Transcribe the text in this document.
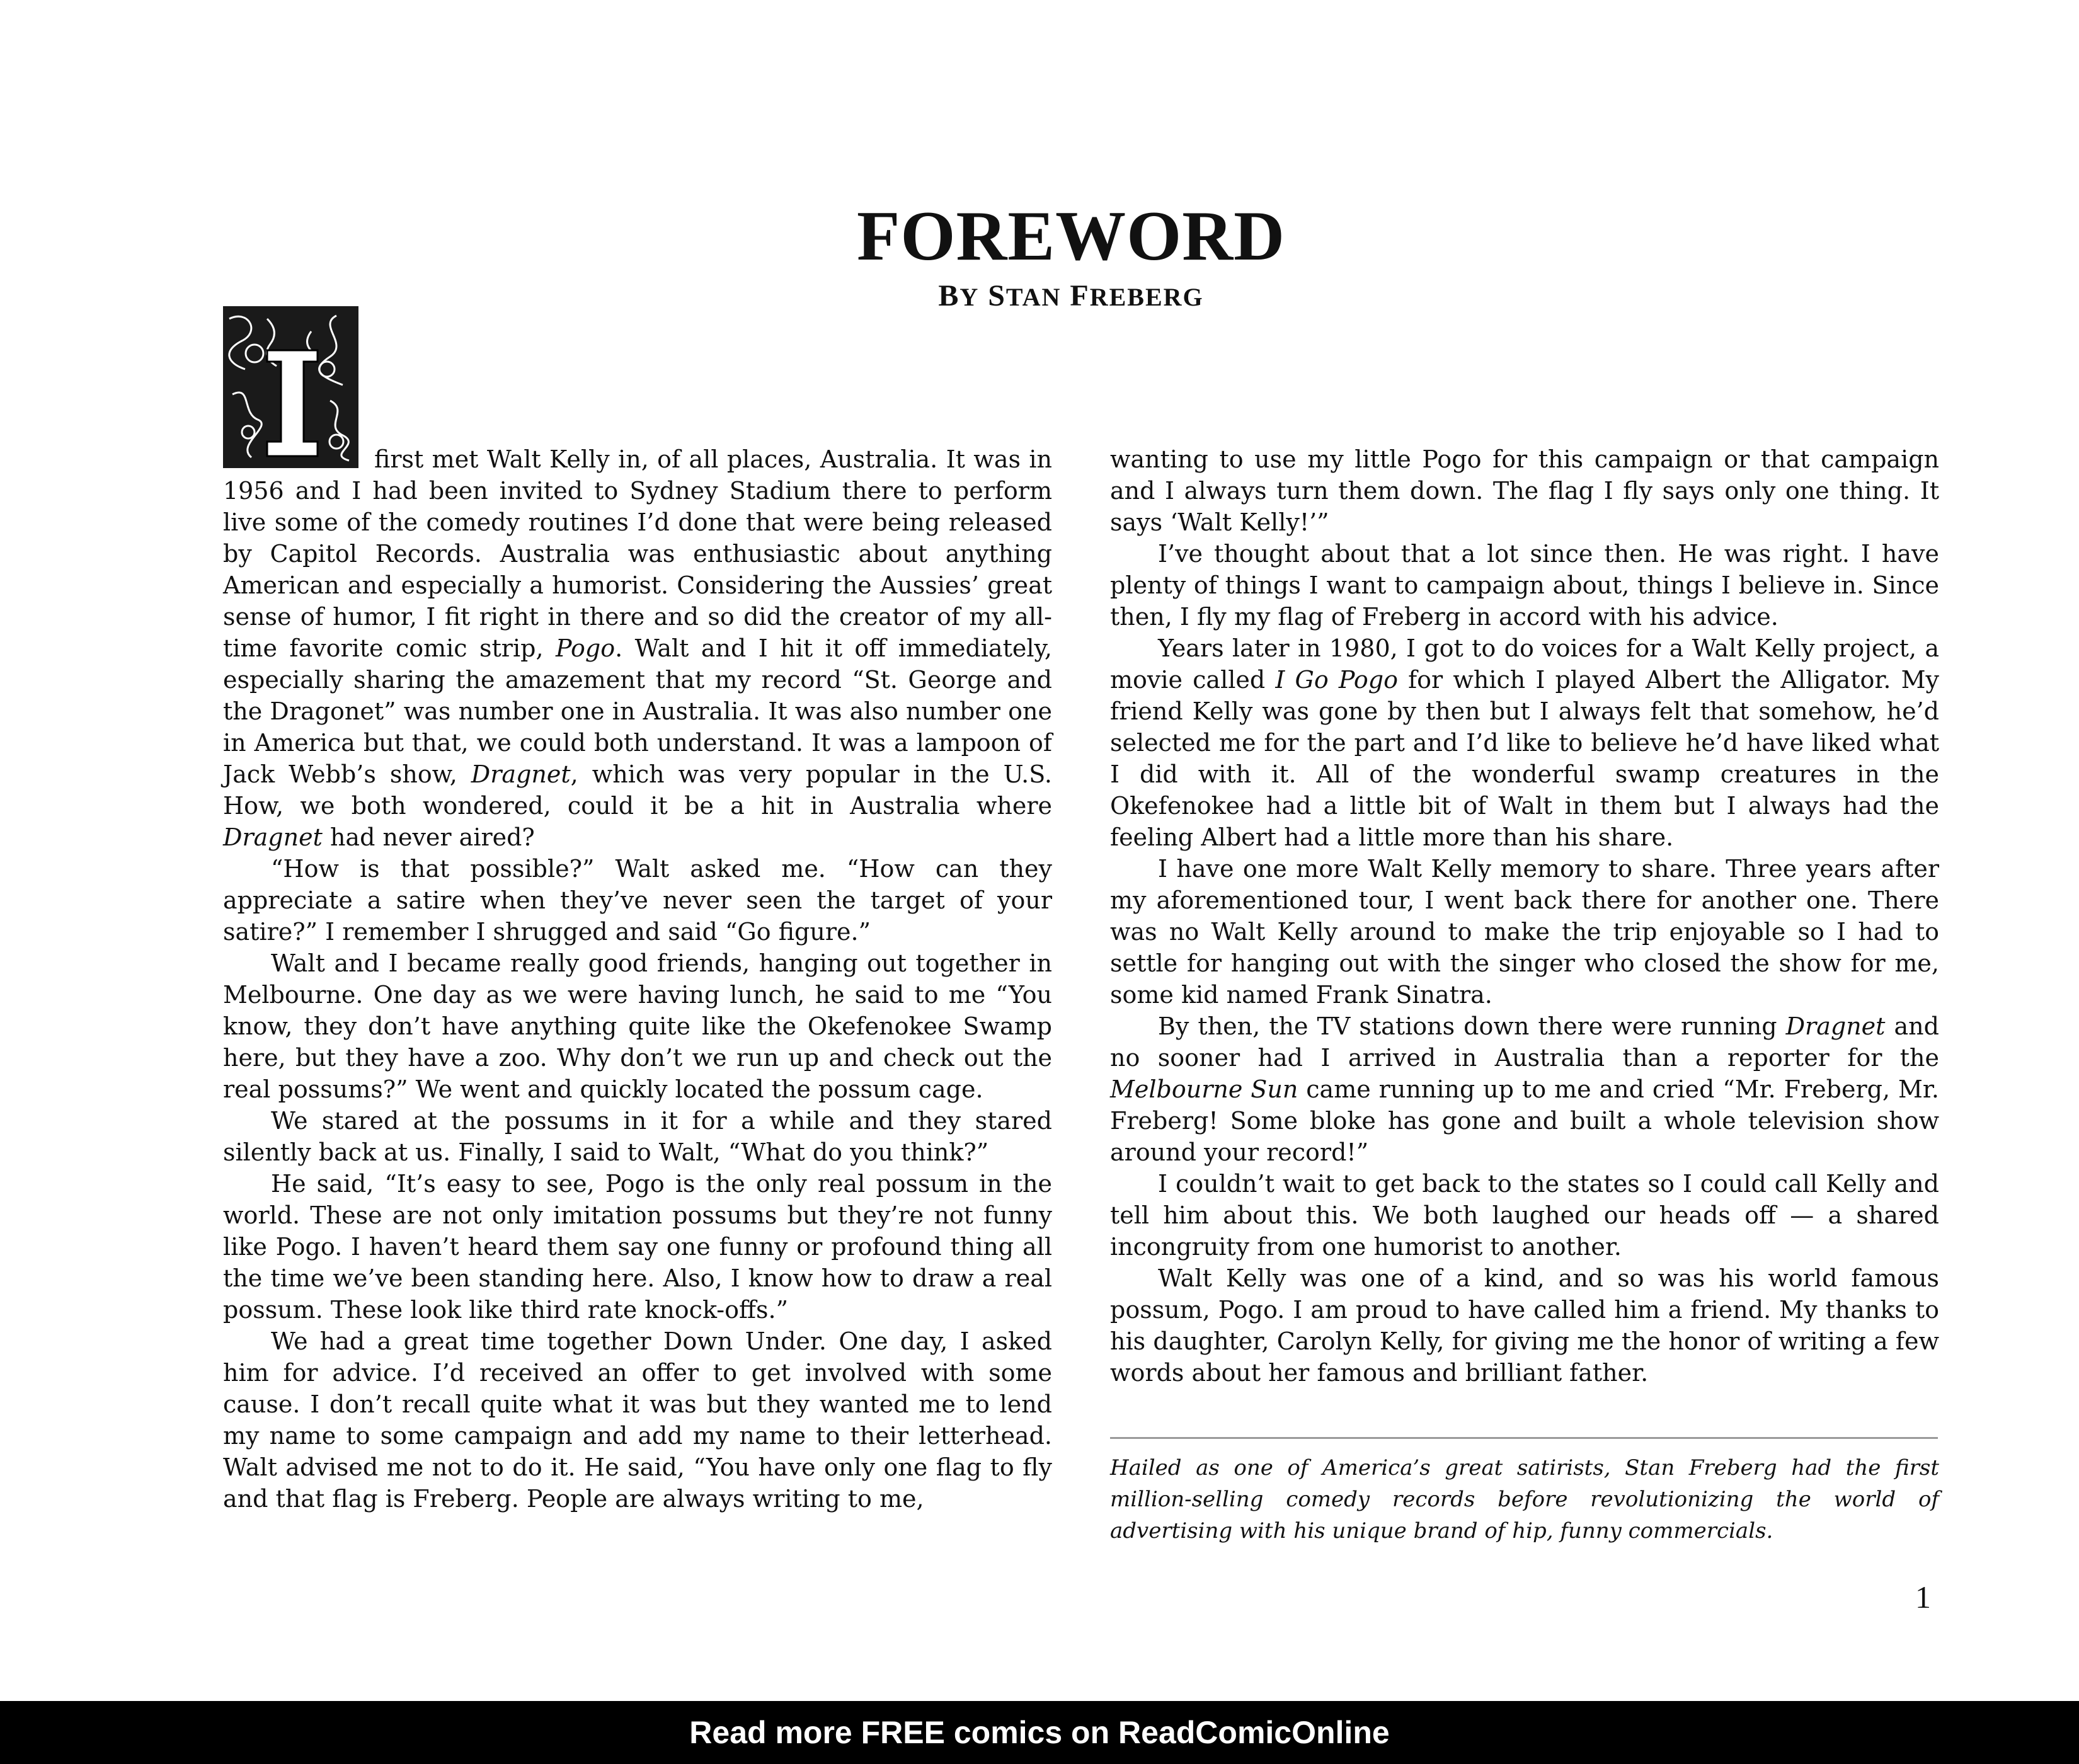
FOREWORD
BY STAN FREBERG
I

first met Walt Kelly in, of all places, Australia. It was in 1956 and I had been invited to Sydney Stadium there to perform live some of the comedy routines I’d done that were being released by Capitol Records. Australia was enthusiastic about anything American and especially a humorist. Considering the Aussies’ great sense of humor, I fit right in there and so did the creator of my all-time favorite comic strip, Pogo. Walt and I hit it off immediately, especially sharing the amazement that my record “St. George and the Dragonet” was number one in Australia. It was also number one in America but that, we could both understand. It was a lampoon of Jack Webb’s show, Dragnet, which was very popular in the U.S. How, we both wondered, could it be a hit in Australia where Dragnet had never aired?

“How is that possible?” Walt asked me. “How can they appreciate a satire when they’ve never seen the target of your satire?” I remember I shrugged and said “Go figure.”

Walt and I became really good friends, hanging out together in Melbourne. One day as we were having lunch, he said to me “You know, they don’t have anything quite like the Okefenokee Swamp here, but they have a zoo. Why don’t we run up and check out the real possums?” We went and quickly located the possum cage.

We stared at the possums in it for a while and they stared silently back at us. Finally, I said to Walt, “What do you think?”

He said, “It’s easy to see, Pogo is the only real possum in the world. These are not only imitation possums but they’re not funny like Pogo. I haven’t heard them say one funny or profound thing all the time we’ve been standing here. Also, I know how to draw a real possum. These look like third rate knock-offs.”

We had a great time together Down Under. One day, I asked him for advice. I’d received an offer to get involved with some cause. I don’t recall quite what it was but they wanted me to lend my name to some campaign and add my name to their letterhead. Walt advised me not to do it. He said, “You have only one flag to fly and that flag is Freberg. People are always writing to me,

wanting to use my little Pogo for this campaign or that campaign and I always turn them down. The flag I fly says only one thing. It says ‘Walt Kelly!’”

I’ve thought about that a lot since then. He was right. I have plenty of things I want to campaign about, things I believe in. Since then, I fly my flag of Freberg in accord with his advice.

Years later in 1980, I got to do voices for a Walt Kelly project, a movie called I Go Pogo for which I played Albert the Alligator. My friend Kelly was gone by then but I always felt that somehow, he’d selected me for the part and I’d like to believe he’d have liked what I did with it. All of the wonderful swamp creatures in the Okefenokee had a little bit of Walt in them but I always had the feeling Albert had a little more than his share.

I have one more Walt Kelly memory to share. Three years after my aforementioned tour, I went back there for another one. There was no Walt Kelly around to make the trip enjoyable so I had to settle for hanging out with the singer who closed the show for me, some kid named Frank Sinatra.

By then, the TV stations down there were running Dragnet and no sooner had I arrived in Australia than a reporter for the Melbourne Sun came running up to me and cried “Mr. Freberg, Mr. Freberg! Some bloke has gone and built a whole television show around your record!”

I couldn’t wait to get back to the states so I could call Kelly and tell him about this. We both laughed our heads off — a shared incongruity from one humorist to another.

Walt Kelly was one of a kind, and so was his world famous possum, Pogo. I am proud to have called him a friend. My thanks to his daughter, Carolyn Kelly, for giving me the honor of writing a few words about her famous and brilliant father.

Hailed as one of America’s great satirists, Stan Freberg had the first million-selling comedy records before revolutionizing the world of advertising with his unique brand of hip, funny commercials.
1
Read more FREE comics on ReadComicOnline
